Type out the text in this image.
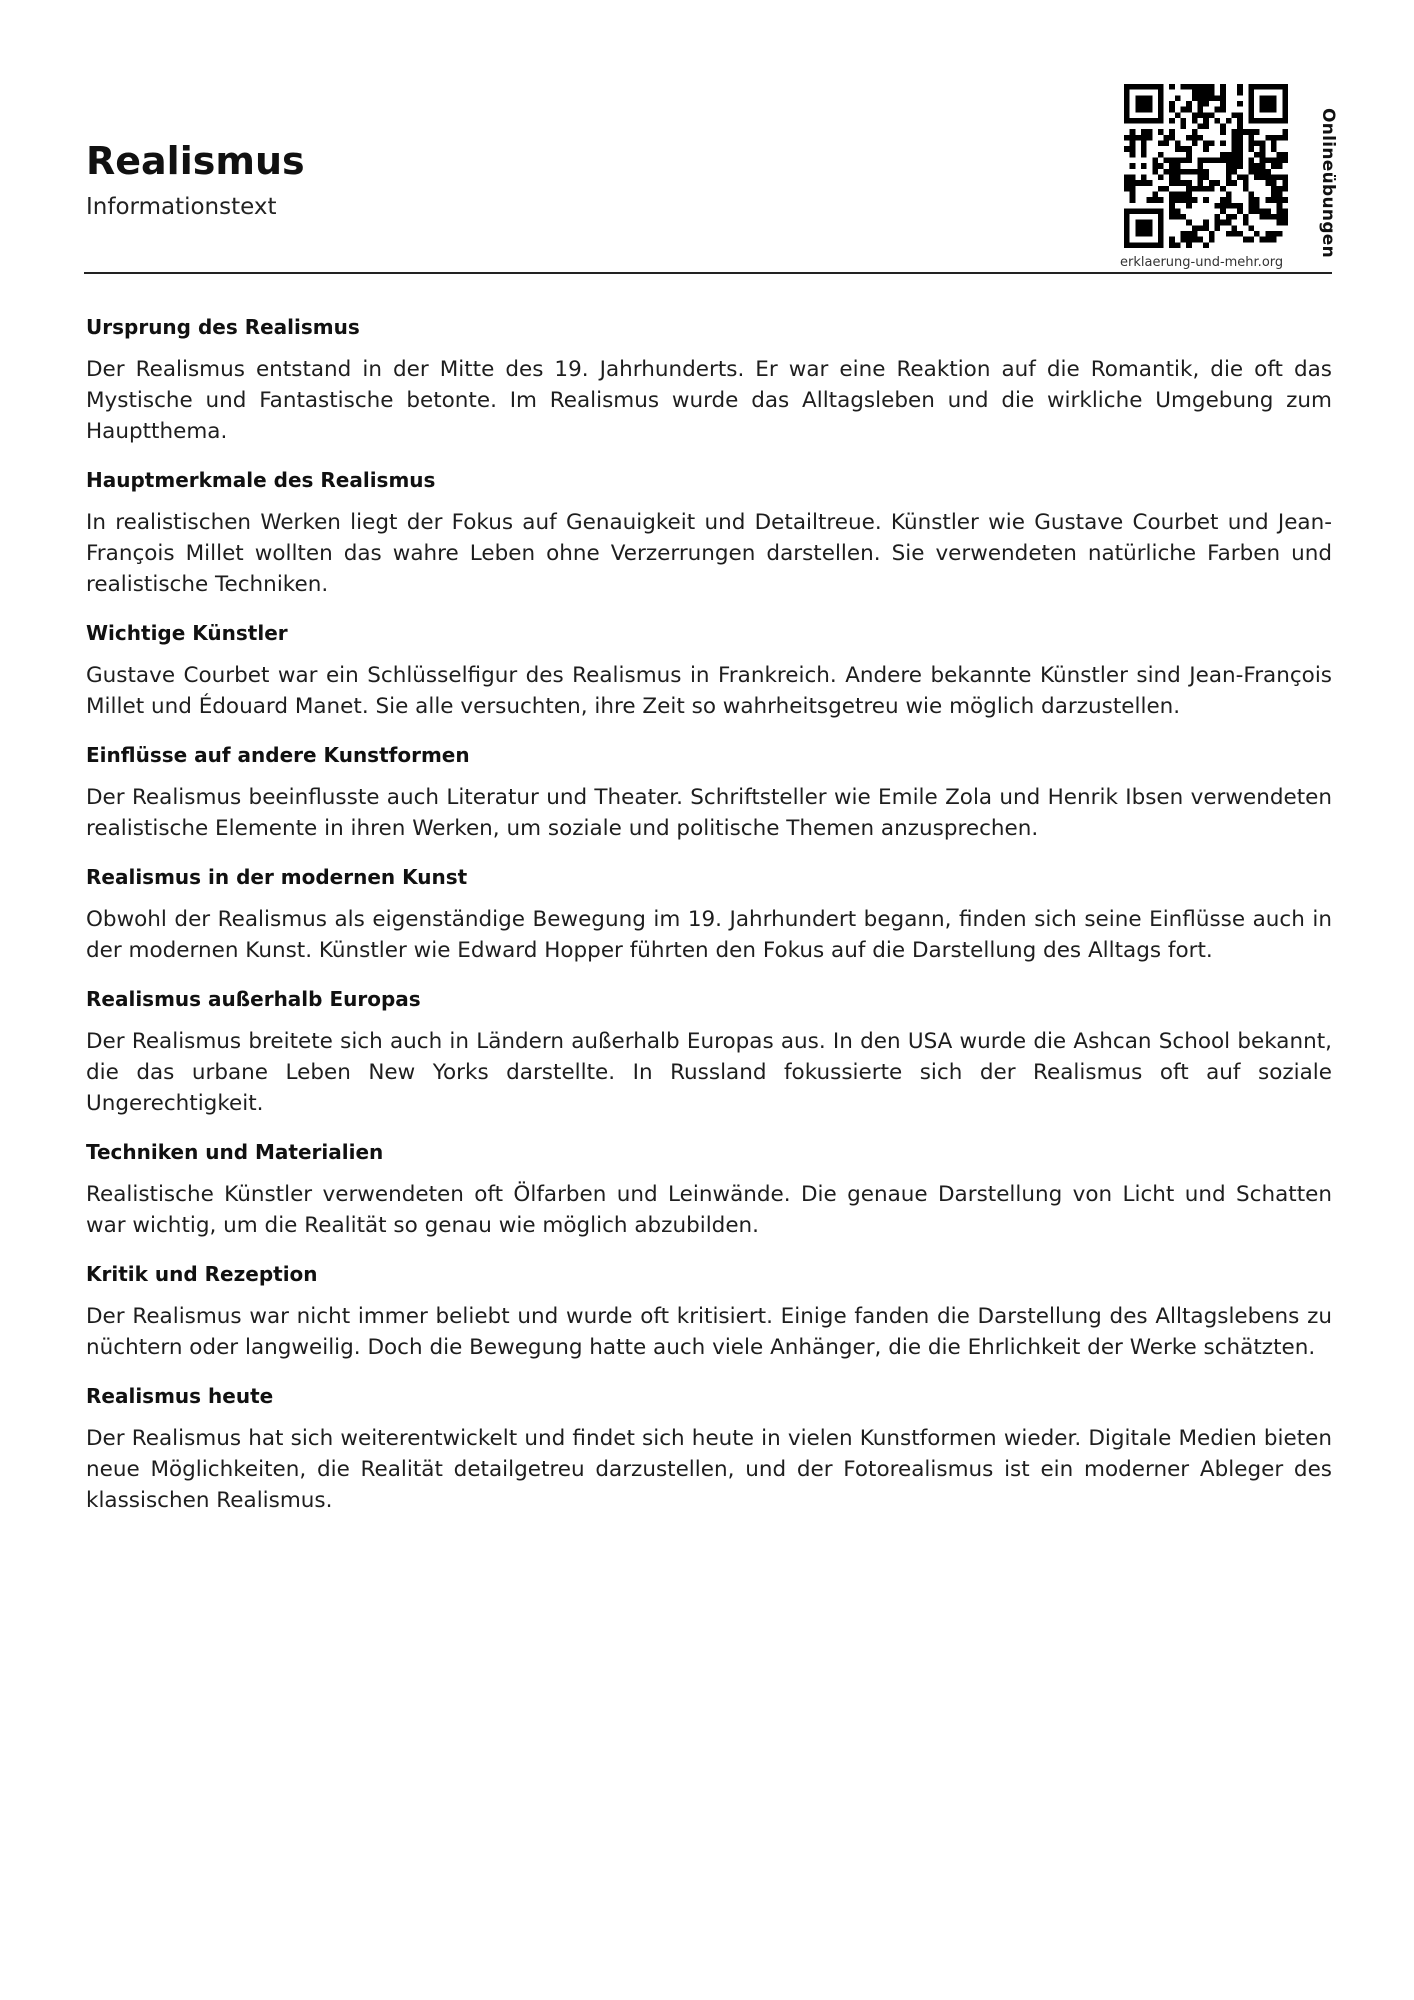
Realismus

Informationstext	Onlineübungen
erklaerung-und-mehr.org
Ursprung des Realismus

Der Realismus entstand in der Mitte des 19. Jahrhunderts. Er war eine Reaktion auf die Romantik, die oft das Mystische und Fantastische betonte. Im Realismus wurde das Alltagsleben und die wirkliche Umgebung zum Hauptthema.

Hauptmerkmale des Realismus

In realistischen Werken liegt der Fokus auf Genauigkeit und Detailtreue. Künstler wie Gustave Courbet und Jean-François Millet wollten das wahre Leben ohne Verzerrungen darstellen. Sie verwendeten natürliche Farben und realistische Techniken.

Wichtige Künstler

Gustave Courbet war ein Schlüsselfigur des Realismus in Frankreich. Andere bekannte Künstler sind Jean-François Millet und Édouard Manet. Sie alle versuchten, ihre Zeit so wahrheitsgetreu wie möglich darzustellen.

Einflüsse auf andere Kunstformen

Der Realismus beeinflusste auch Literatur und Theater. Schriftsteller wie Emile Zola und Henrik Ibsen verwendeten realistische Elemente in ihren Werken, um soziale und politische Themen anzusprechen.

Realismus in der modernen Kunst

Obwohl der Realismus als eigenständige Bewegung im 19. Jahrhundert begann, finden sich seine Einflüsse auch in der modernen Kunst. Künstler wie Edward Hopper führten den Fokus auf die Darstellung des Alltags fort.

Realismus außerhalb Europas

Der Realismus breitete sich auch in Ländern außerhalb Europas aus. In den USA wurde die Ashcan School bekannt, die das urbane Leben New Yorks darstellte. In Russland fokussierte sich der Realismus oft auf soziale Ungerechtigkeit.

Techniken und Materialien

Realistische Künstler verwendeten oft Ölfarben und Leinwände. Die genaue Darstellung von Licht und Schatten war wichtig, um die Realität so genau wie möglich abzubilden.

Kritik und Rezeption

Der Realismus war nicht immer beliebt und wurde oft kritisiert. Einige fanden die Darstellung des Alltagslebens zu nüchtern oder langweilig. Doch die Bewegung hatte auch viele Anhänger, die die Ehrlichkeit der Werke schätzten.

Realismus heute

Der Realismus hat sich weiterentwickelt und findet sich heute in vielen Kunstformen wieder. Digitale Medien bieten neue Möglichkeiten, die Realität detailgetreu darzustellen, und der Fotorealismus ist ein moderner Ableger des klassischen Realismus.
